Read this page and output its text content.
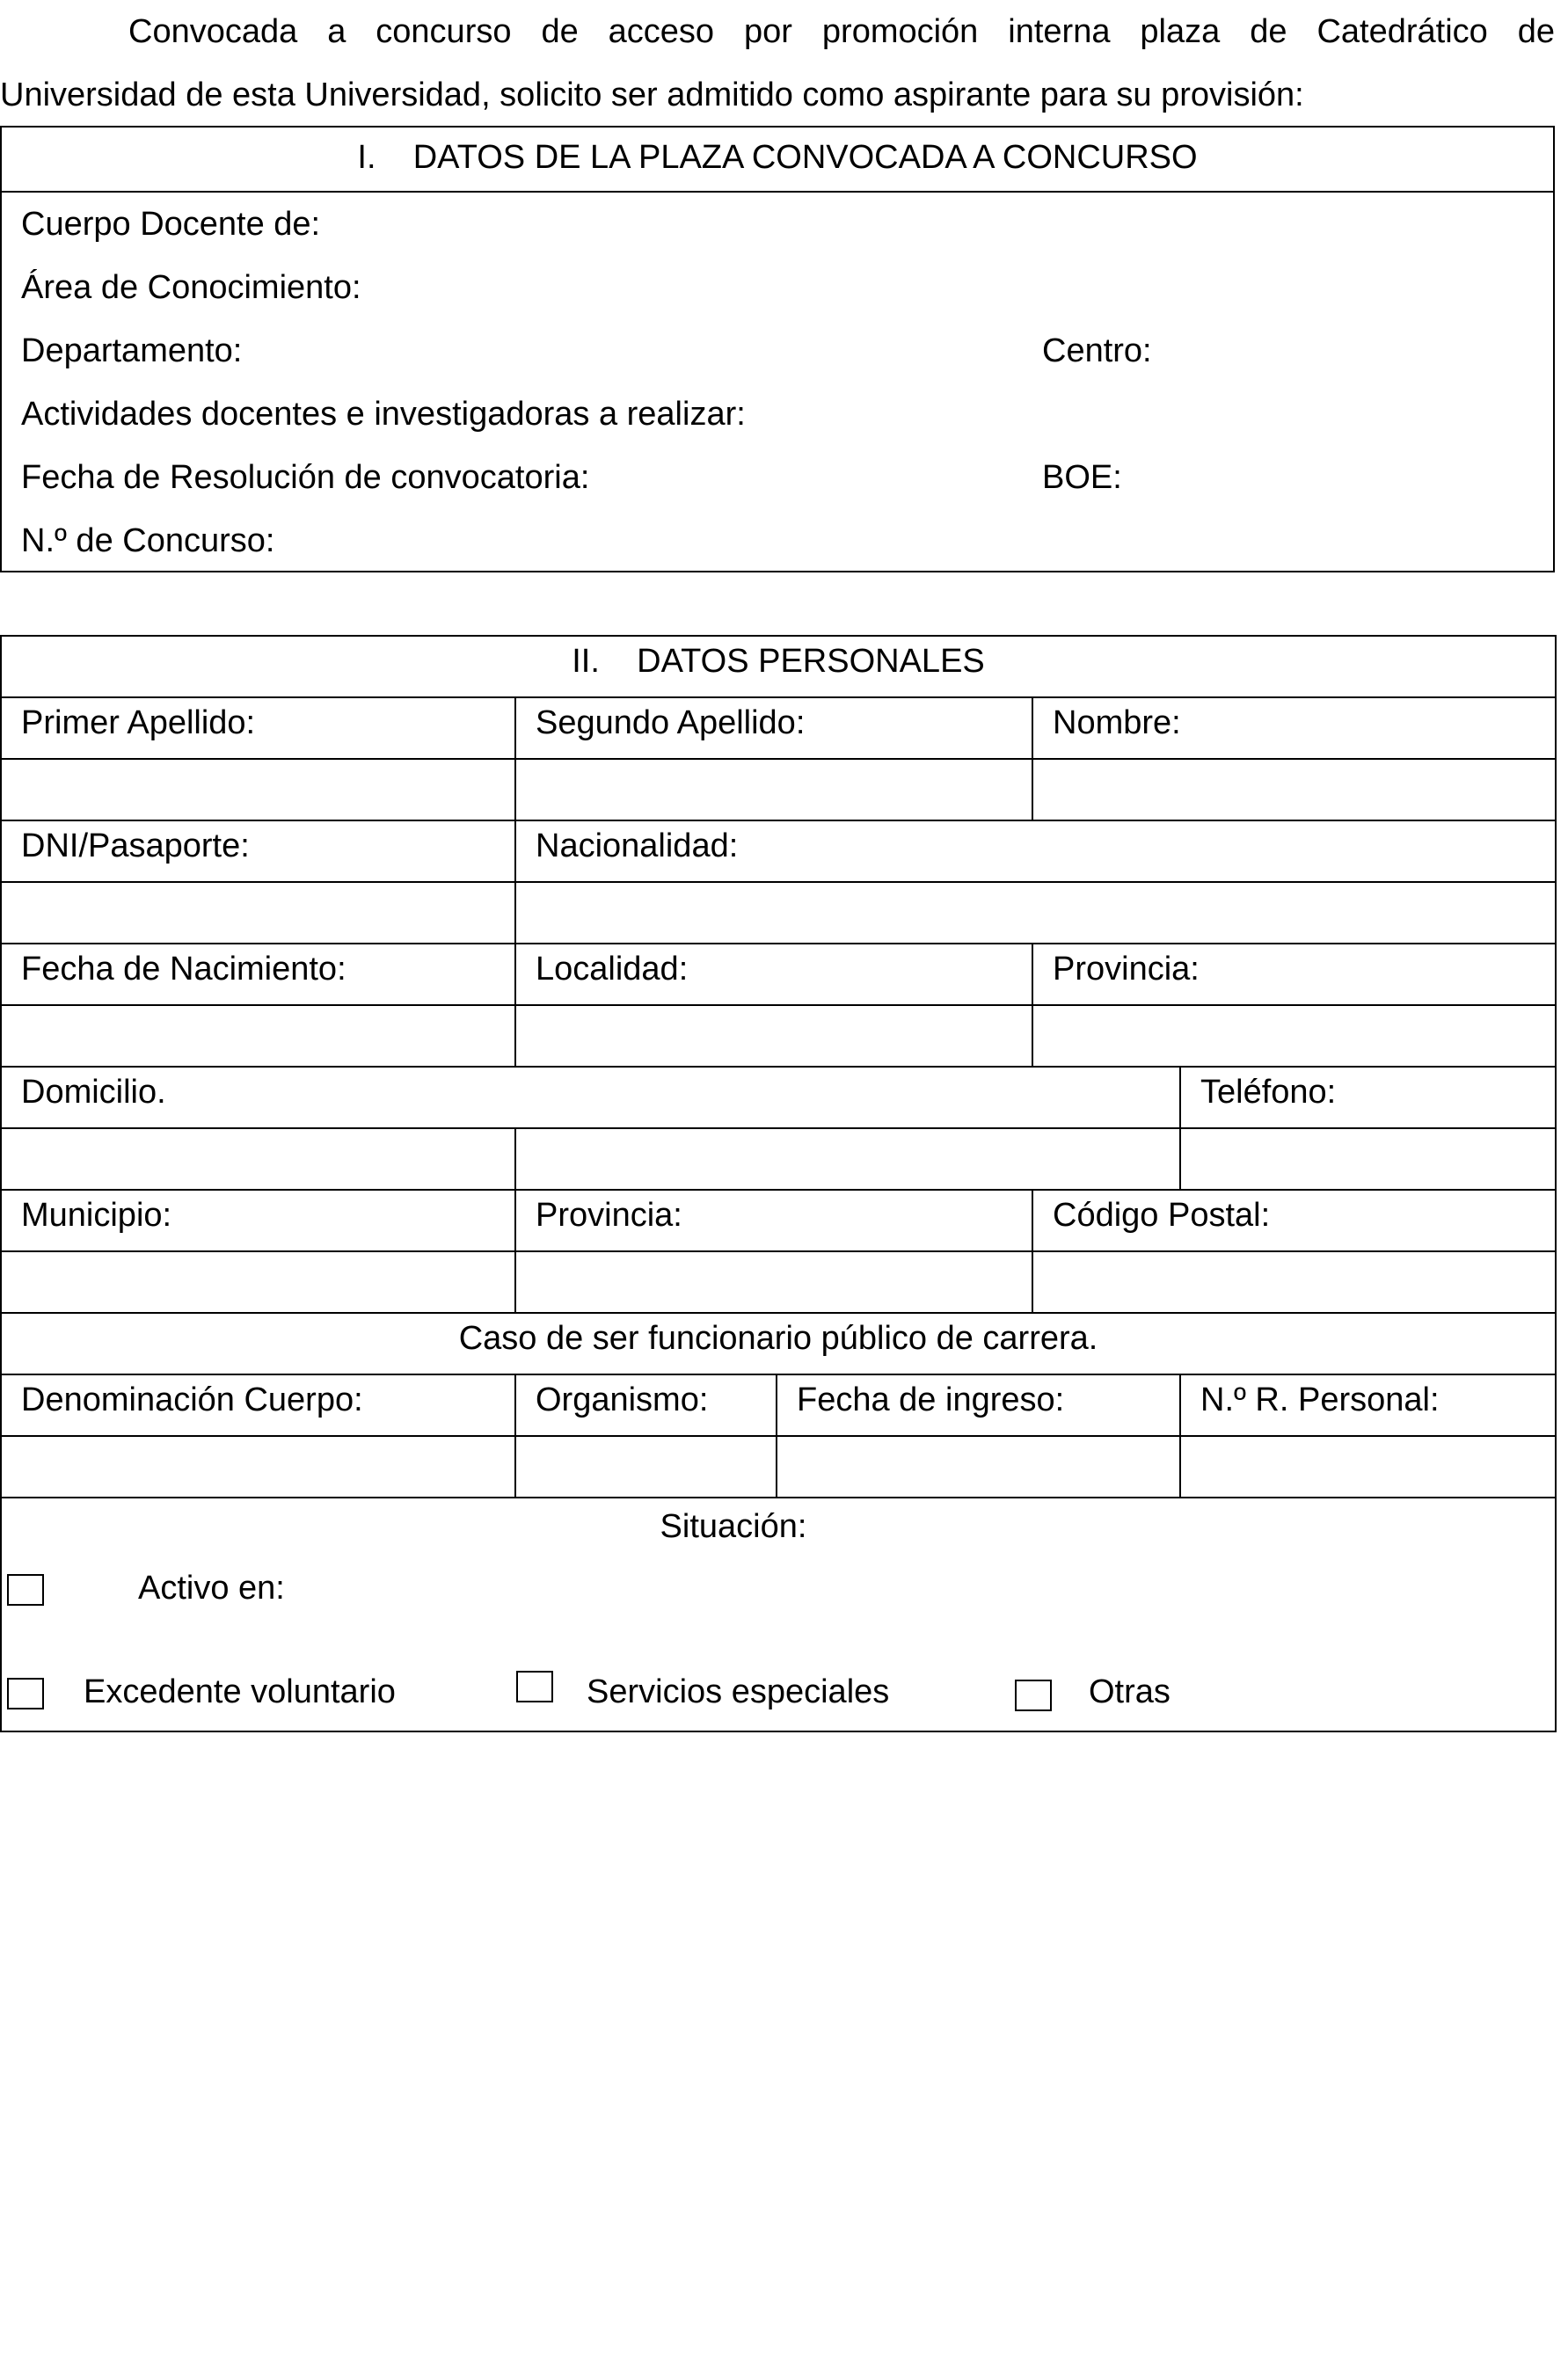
Convocada a concurso de acceso por promoción interna plaza de Catedrático de
Universidad de esta Universidad, solicito ser admitido como aspirante para su provisión:
I.    DATOS DE LA PLAZA CONVOCADA A CONCURSO
Cuerpo Docente de:
Área de Conocimiento:
Departamento:	Centro:
Actividades docentes e investigadoras a realizar:
Fecha de Resolución de convocatoria:	BOE:
N.º de Concurso:
II.    DATOS PERSONALES				
Primer Apellido:	Segundo Apellido:		Nombre:	

DNI/Pasaporte:	Nacionalidad:			

Fecha de Nacimiento:	Localidad:		Provincia:	

Domicilio.				Teléfono:

Municipio:	Provincia:		Código Postal:	

Caso de ser funcionario público de carrera.				
Denominación Cuerpo:	Organismo:	Fecha de ingreso:		N.º R. Personal:

Situación:
Activo en:
Excedente voluntario Servicios especiales Otras				
